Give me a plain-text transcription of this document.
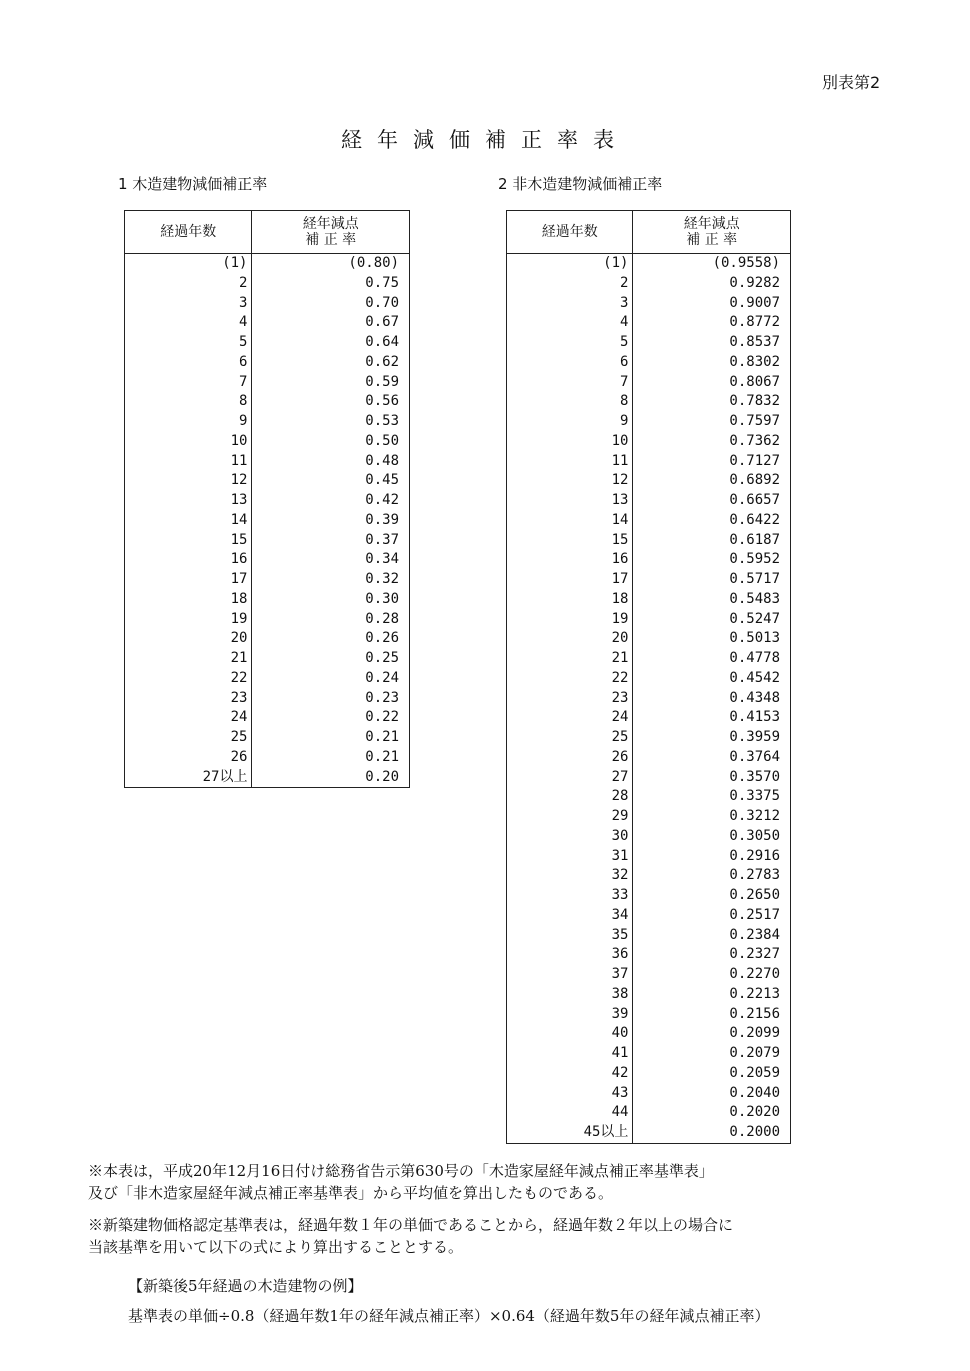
別表第2
経年減価補正率表
1 木造建物減価補正率	2 非木造建物減価補正率
経過年数	経年減点
補 正 率

(1)	(0.80)
2	0.75
3	0.70
4	0.67
5	0.64
6	0.62
7	0.59
8	0.56
9	0.53
10	0.50
11	0.48
12	0.45
13	0.42
14	0.39
15	0.37
16	0.34
17	0.32
18	0.30
19	0.28
20	0.26
21	0.25
22	0.24
23	0.23
24	0.22
25	0.21
26	0.21
27以上	0.20
経過年数	経年減点
補 正 率

(1)	(0.9558)
2	0.9282
3	0.9007
4	0.8772
5	0.8537
6	0.8302
7	0.8067
8	0.7832
9	0.7597
10	0.7362
11	0.7127
12	0.6892
13	0.6657
14	0.6422
15	0.6187
16	0.5952
17	0.5717
18	0.5483
19	0.5247
20	0.5013
21	0.4778
22	0.4542
23	0.4348
24	0.4153
25	0.3959
26	0.3764
27	0.3570
28	0.3375
29	0.3212
30	0.3050
31	0.2916
32	0.2783
33	0.2650
34	0.2517
35	0.2384
36	0.2327
37	0.2270
38	0.2213
39	0.2156
40	0.2099
41	0.2079
42	0.2059
43	0.2040
44	0.2020
45以上	0.2000
※本表は，平成20年12月16日付け総務省告示第630号の「木造家屋経年減点補正率基準表」
及び「非木造家屋経年減点補正率基準表」から平均値を算出したものである。
※新築建物価格認定基準表は，経過年数１年の単価であることから，経過年数２年以上の場合に
当該基準を用いて以下の式により算出することとする。
【新築後5年経過の木造建物の例】
基準表の単価÷0.8（経過年数1年の経年減点補正率）×0.64（経過年数5年の経年減点補正率）
